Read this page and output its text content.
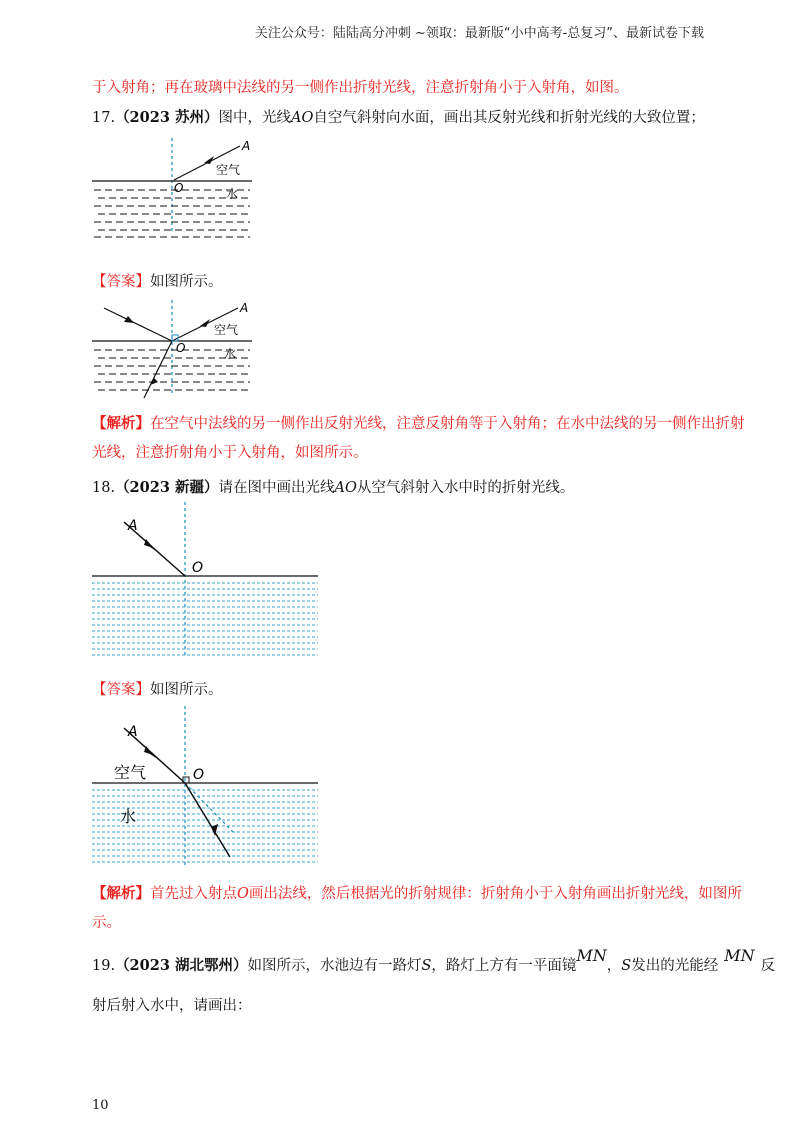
关注公众号：陆陆高分冲刺 ~领取：最新版“小中高考-总复习”、最新试卷下载
于入射角；再在玻璃中法线的另一侧作出折射光线，注意折射角小于入射角，如图。
17.（2023 苏州）图中，光线AO自空气斜射向水面，画出其反射光线和折射光线的大致位置；
A
空气
O	水
【答案】如图所示。
A
空气
O	水
【解析】在空气中法线的另一侧作出反射光线，注意反射角等于入射角；在水中法线的另一侧作出折射
光线，注意折射角小于入射角，如图所示。
18.（2023 新疆）请在图中画出光线AO从空气斜射入水中时的折射光线。
A
O
【答案】如图所示。
A
空气	O
水
【解析】首先过入射点O画出法线，然后根据光的折射规律：折射角小于入射角画出折射光线，如图所
示。
19.（2023 湖北鄂州）如图所示，水池边有一路灯S，路灯上方有一平面镜MN，S发出的光能经MN反
射后射入水中，请画出：
10
